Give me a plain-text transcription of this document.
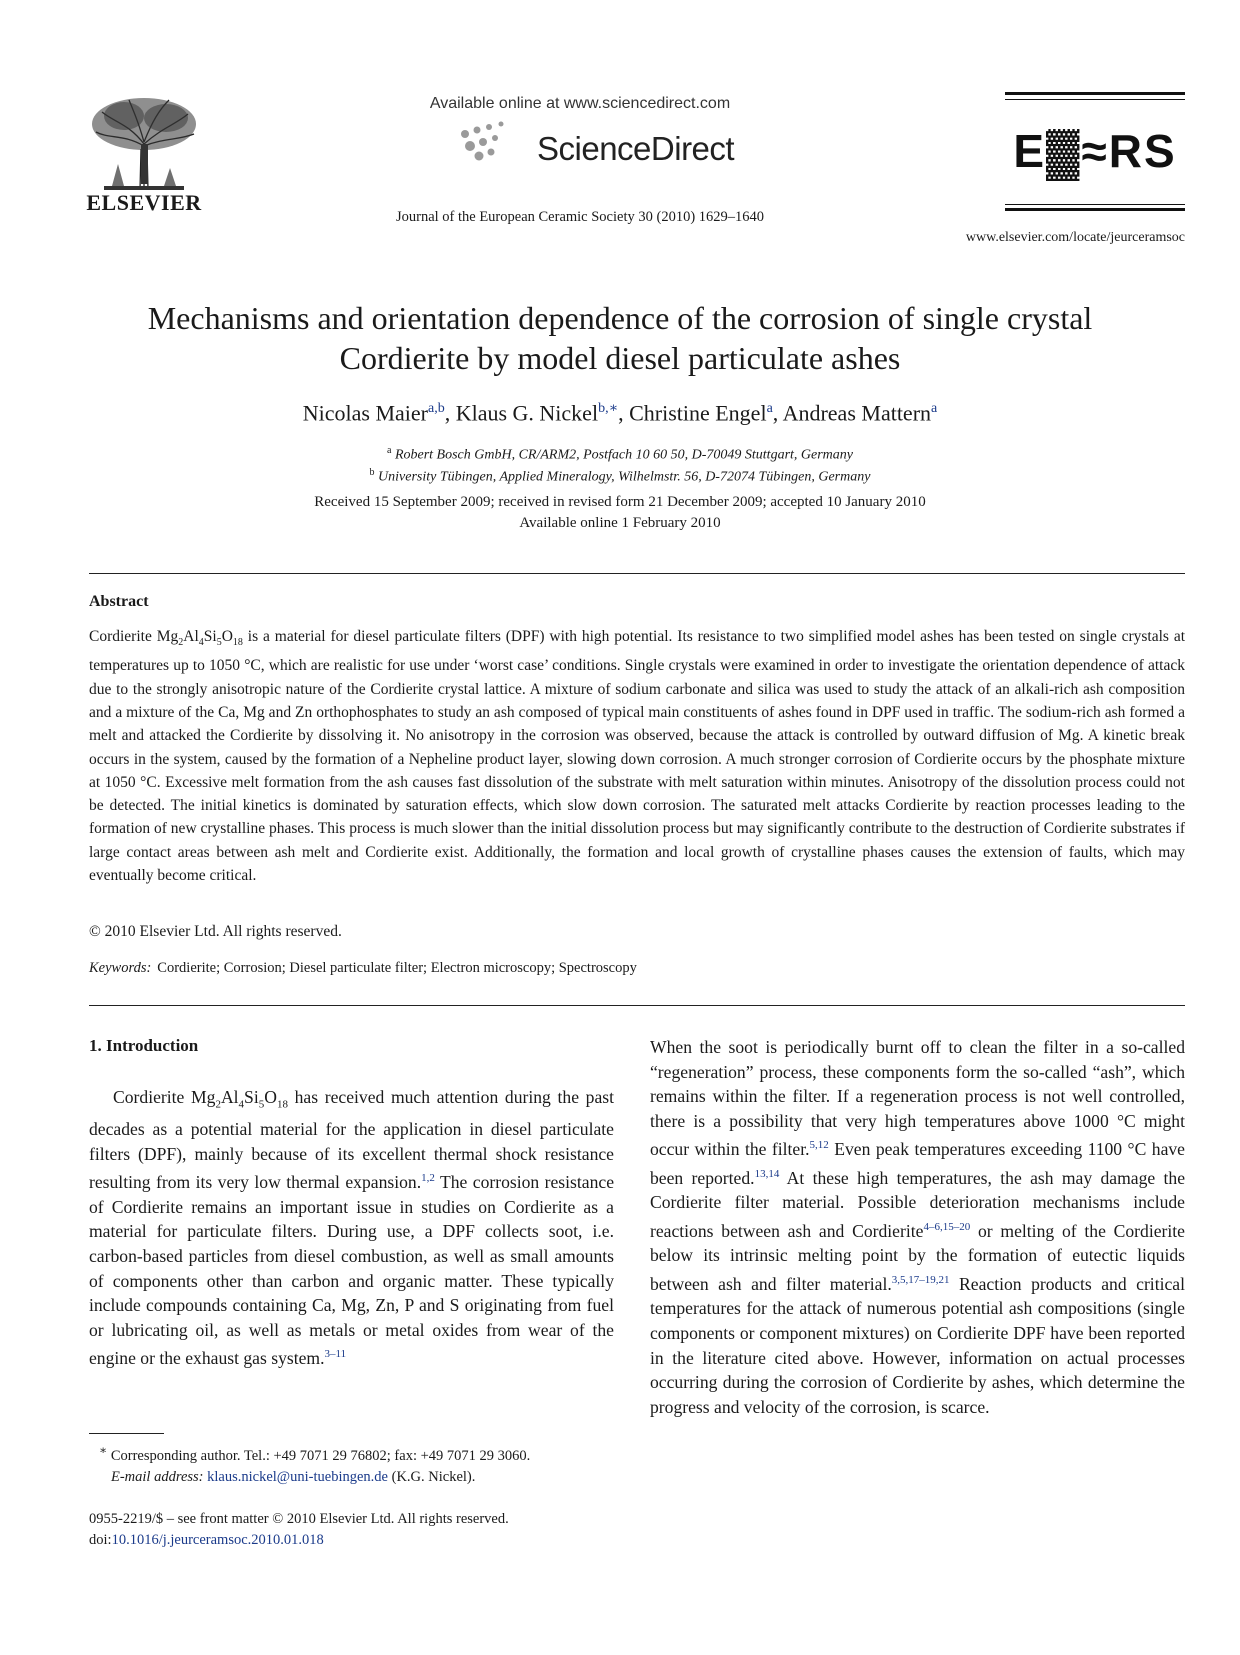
ELSEVIER
Available online at www.sciencedirect.com
ScienceDirect
Journal of the European Ceramic Society 30 (2010) 1629–1640
E▓≈RS
www.elsevier.com/locate/jeurceramsoc
Mechanisms and orientation dependence of the corrosion of single crystal Cordierite by model diesel particulate ashes
Nicolas Maier$^{a,b}$, Klaus G. Nickel$^{b,∗}$, Christine Engel$^a$, Andreas Mattern$^a$
$^a$ Robert Bosch GmbH, CR/ARM2, Postfach 10 60 50, D-70049 Stuttgart, Germany
$^b$ University Tübingen, Applied Mineralogy, Wilhelmstr. 56, D-72074 Tübingen, Germany
Received 15 September 2009; received in revised form 21 December 2009; accepted 10 January 2010
Available online 1 February 2010
Abstract
Cordierite $Mg_2Al_4Si_5O_{18}$ is a material for diesel particulate filters (DPF) with high potential. Its resistance to two simplified model ashes has been tested on single crystals at temperatures up to 1050 °C, which are realistic for use under ‘worst case’ conditions. Single crystals were examined in order to investigate the orientation dependence of attack due to the strongly anisotropic nature of the Cordierite crystal lattice. A mixture of sodium carbonate and silica was used to study the attack of an alkali-rich ash composition and a mixture of the Ca, Mg and Zn orthophosphates to study an ash composed of typical main constituents of ashes found in DPF used in traffic. The sodium-rich ash formed a melt and attacked the Cordierite by dissolving it. No anisotropy in the corrosion was observed, because the attack is controlled by outward diffusion of Mg. A kinetic break occurs in the system, caused by the formation of a Nepheline product layer, slowing down corrosion. A much stronger corrosion of Cordierite occurs by the phosphate mixture at 1050 °C. Excessive melt formation from the ash causes fast dissolution of the substrate with melt saturation within minutes. Anisotropy of the dissolution process could not be detected. The initial kinetics is dominated by saturation effects, which slow down corrosion. The saturated melt attacks Cordierite by reaction processes leading to the formation of new crystalline phases. This process is much slower than the initial dissolution process but may significantly contribute to the destruction of Cordierite substrates if large contact areas between ash melt and Cordierite exist. Additionally, the formation and local growth of crystalline phases causes the extension of faults, which may eventually become critical.
© 2010 Elsevier Ltd. All rights reserved.
Keywords: Cordierite; Corrosion; Diesel particulate filter; Electron microscopy; Spectroscopy
1. Introduction
Cordierite $Mg_2Al_4Si_5O_{18}$ has received much attention during the past decades as a potential material for the application in diesel particulate filters (DPF), mainly because of its excellent thermal shock resistance resulting from its very low thermal expansion.$^{1,2}$ The corrosion resistance of Cordierite remains an important issue in studies on Cordierite as a material for particulate filters. During use, a DPF collects soot, i.e. carbon-based particles from diesel combustion, as well as small amounts of components other than carbon and organic matter. These typically include compounds containing Ca, Mg, Zn, P and S originating from fuel or lubricating oil, as well as metals or metal oxides from wear of the engine or the exhaust gas system.$^{3-11}$
∗ Corresponding author. Tel.: +49 7071 29 76802; fax: +49 7071 29 3060.
E-mail address: klaus.nickel@uni-tuebingen.de (K.G. Nickel).
0955-2219/$ – see front matter © 2010 Elsevier Ltd. All rights reserved.
doi:10.1016/j.jeurceramsoc.2010.01.018
When the soot is periodically burnt off to clean the filter in a so-called “regeneration” process, these components form the so-called “ash”, which remains within the filter. If a regeneration process is not well controlled, there is a possibility that very high temperatures above 1000 °C might occur within the filter.$^{5,12}$ Even peak temperatures exceeding 1100 °C have been reported.$^{13,14}$ At these high temperatures, the ash may damage the Cordierite filter material. Possible deterioration mechanisms include reactions between ash and Cordierite$^{4-6,15-20}$ or melting of the Cordierite below its intrinsic melting point by the formation of eutectic liquids between ash and filter material.$^{3,5,17-19,21}$ Reaction products and critical temperatures for the attack of numerous potential ash compositions (single components or component mixtures) on Cordierite DPF have been reported in the literature cited above. However, information on actual processes occurring during the corrosion of Cordierite by ashes, which determine the progress and velocity of the corrosion, is scarce.
